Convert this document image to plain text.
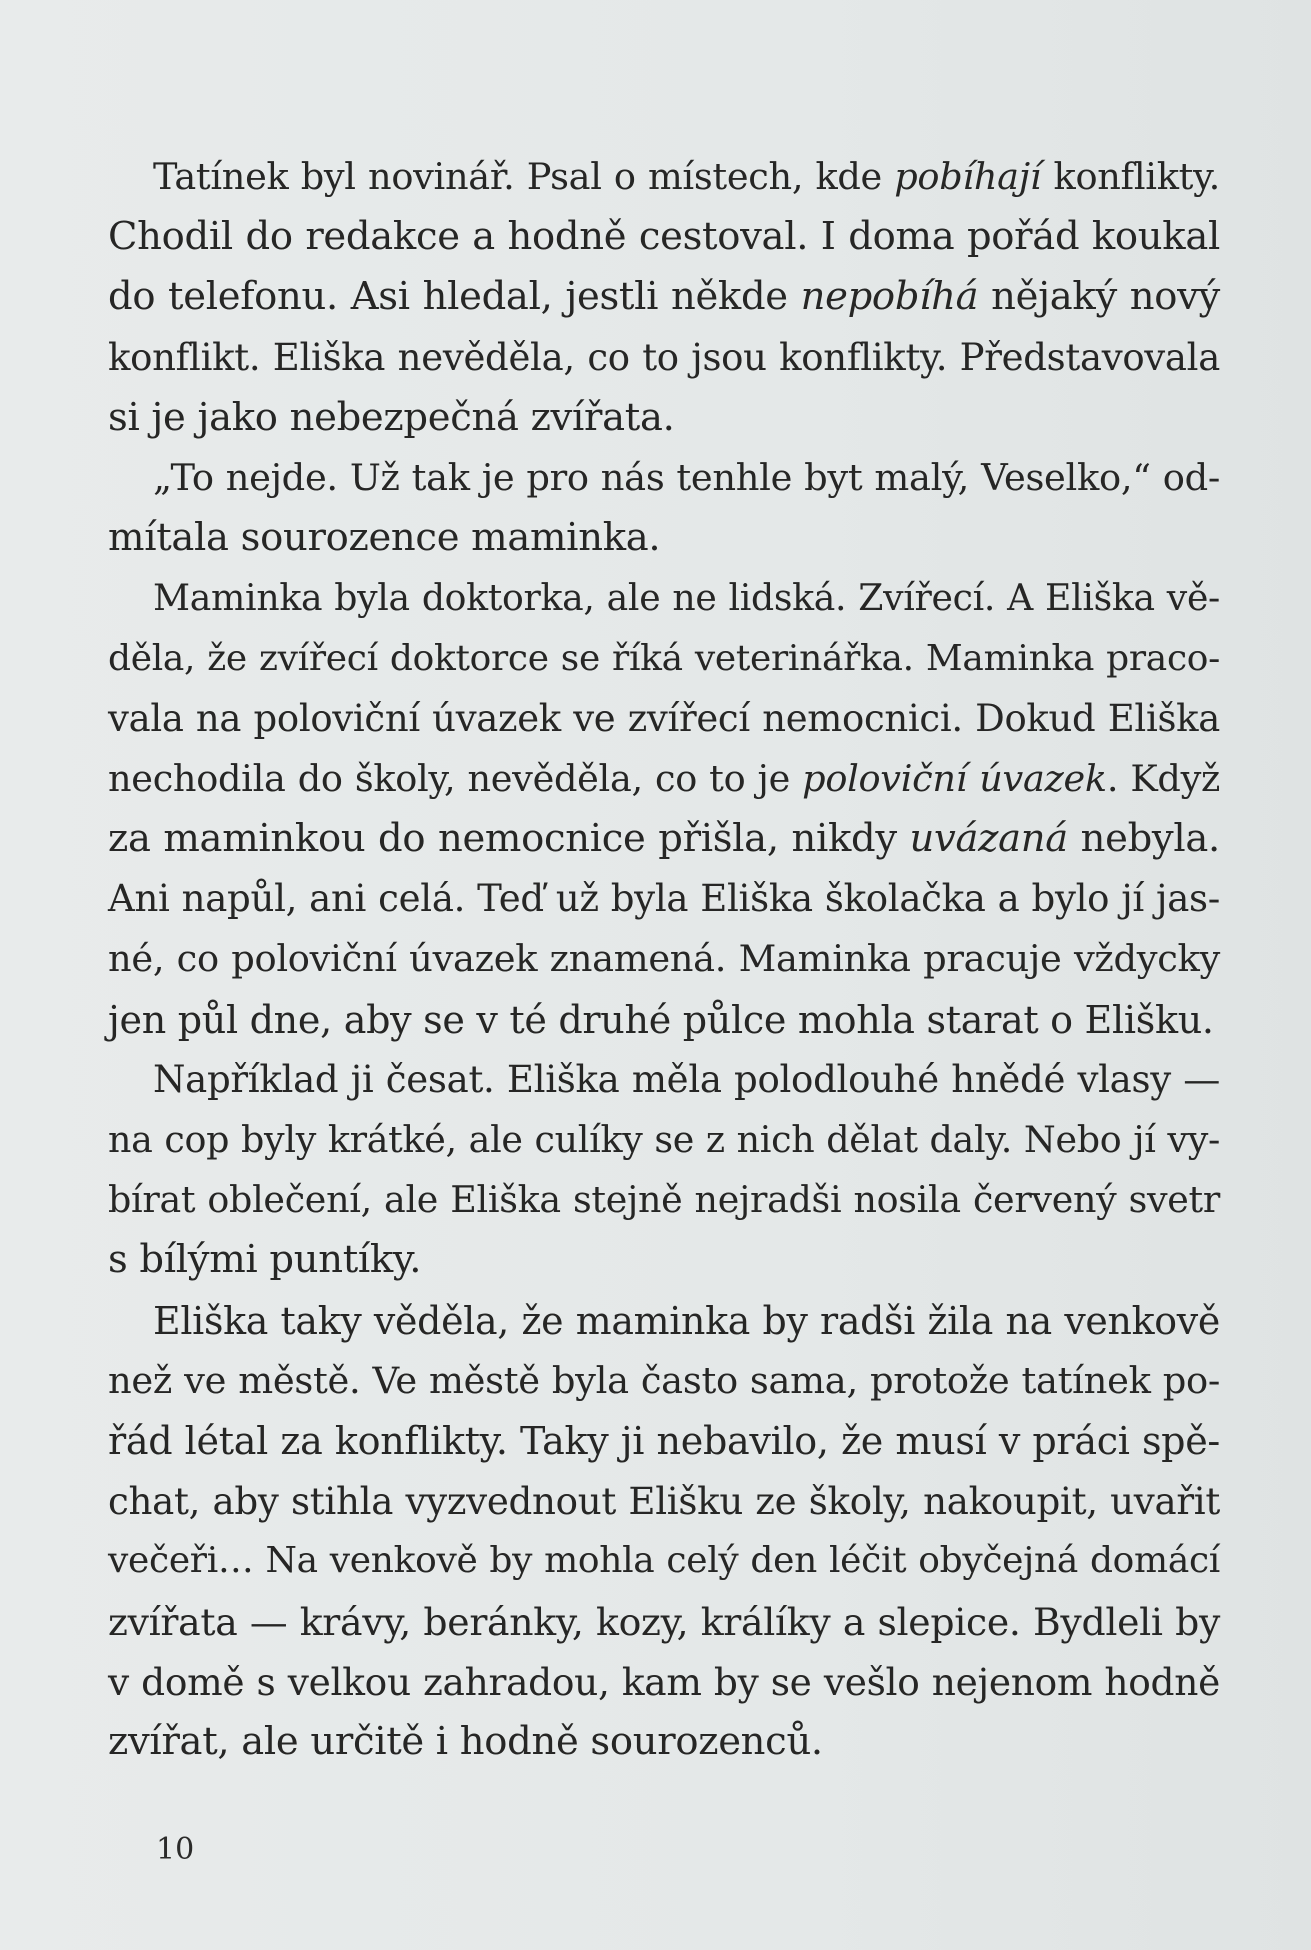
Tatínek byl novinář. Psal o místech, kde pobíhají konflikty.
Chodil do redakce a hodně cestoval. I doma pořád koukal
do telefonu. Asi hledal, jestli někde nepobíhá nějaký nový
konflikt. Eliška nevěděla, co to jsou konflikty. Představovala
si je jako nebezpečná zvířata.
„To nejde. Už tak je pro nás tenhle byt malý, Veselko,“ od-
mítala sourozence maminka.
Maminka byla doktorka, ale ne lidská. Zvířecí. A Eliška vě-
děla, že zvířecí doktorce se říká veterinářka. Maminka praco-
vala na poloviční úvazek ve zvířecí nemocnici. Dokud Eliška
nechodila do školy, nevěděla, co to je poloviční úvazek. Když
za maminkou do nemocnice přišla, nikdy uvázaná nebyla.
Ani napůl, ani celá. Teď už byla Eliška školačka a bylo jí jas-
né, co poloviční úvazek znamená. Maminka pracuje vždycky
jen půl dne, aby se v té druhé půlce mohla starat o Elišku.
Například ji česat. Eliška měla polodlouhé hnědé vlasy —
na cop byly krátké, ale culíky se z nich dělat daly. Nebo jí vy-
bírat oblečení, ale Eliška stejně nejradši nosila červený svetr
s bílými puntíky.
Eliška taky věděla, že maminka by radši žila na venkově
než ve městě. Ve městě byla často sama, protože tatínek po-
řád létal za konflikty. Taky ji nebavilo, že musí v práci spě-
chat, aby stihla vyzvednout Elišku ze školy, nakoupit, uvařit
večeři… Na venkově by mohla celý den léčit obyčejná domácí
zvířata — krávy, beránky, kozy, králíky a slepice. Bydleli by
v domě s velkou zahradou, kam by se vešlo nejenom hodně
zvířat, ale určitě i hodně sourozenců.
10
